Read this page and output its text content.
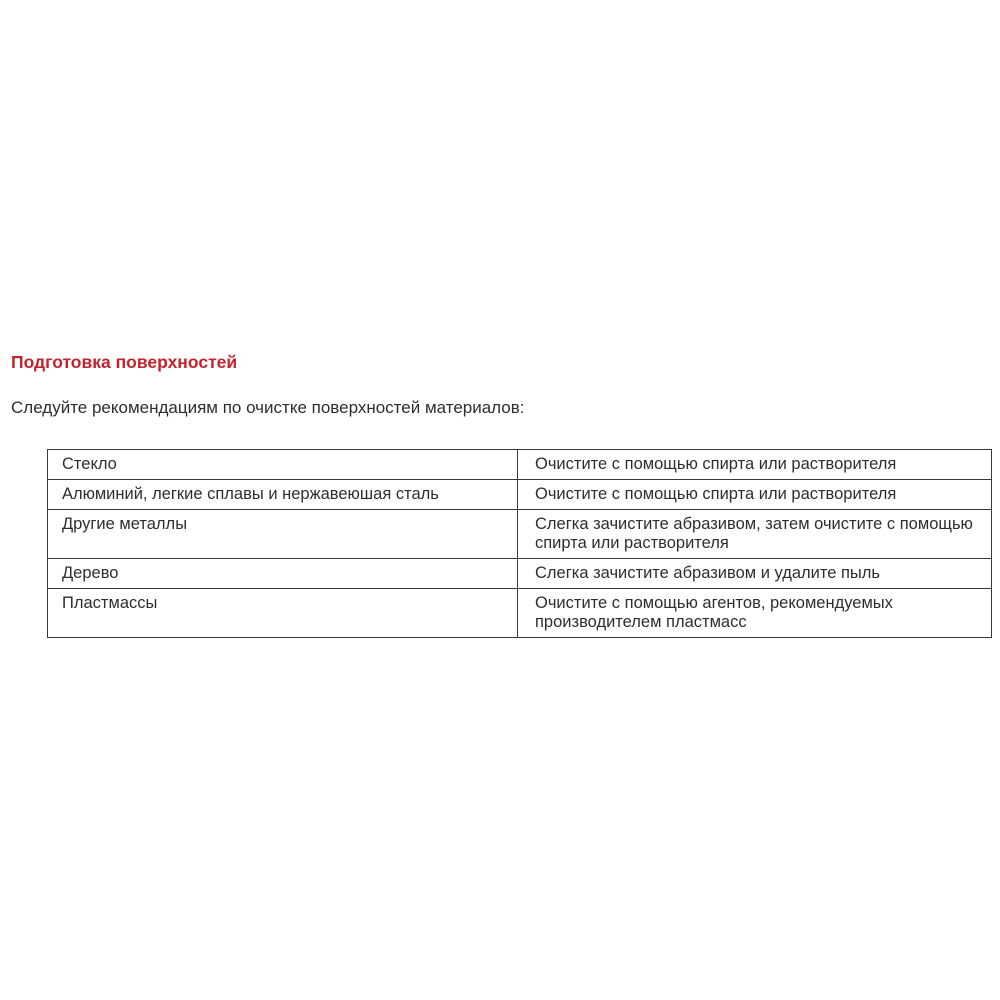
Подготовка поверхностей

Следуйте рекомендациям по очистке поверхностей материалов:

Стекло	Очистите с помощью спирта или растворителя
Алюминий, легкие сплавы и нержавеюшая сталь	Очистите с помощью спирта или растворителя
Другие металлы	Слегка зачистите абразивом, затем очистите с помощью спирта или растворителя
Дерево	Слегка зачистите абразивом и удалите пыль
Пластмассы	Очистите с помощью агентов, рекомендуемых производителем пластмасс
